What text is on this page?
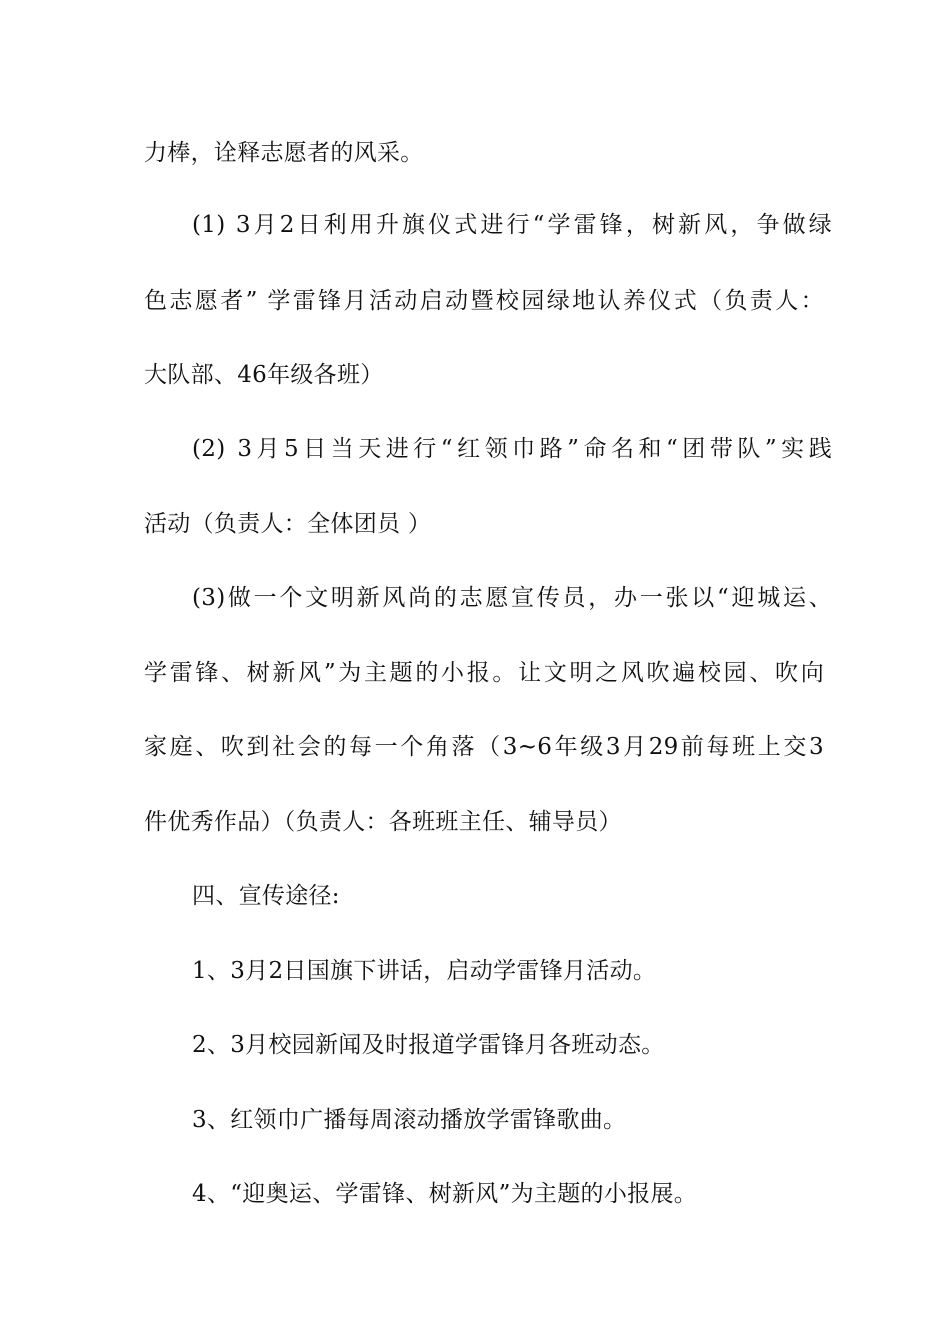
力棒，诠释志愿者的风采。
(1) 3月2日利用升旗仪式进行“学雷锋，树新风，争做绿
色志愿者” 学雷锋月活动启动暨校园绿地认养仪式（负责人：
大队部、46年级各班）
(2) 3月5日当天进行“红领巾路”命名和“团带队”实践
活动（负责人：全体团员 ）
(3)做一个文明新风尚的志愿宣传员，办一张以“迎城运、
学雷锋、树新风”为主题的小报。让文明之风吹遍校园、吹向
家庭、吹到社会的每一个角落（3~6年级3月29前每班上交3
件优秀作品）（负责人：各班班主任、辅导员）
四、宣传途径:
1、3月2日国旗下讲话，启动学雷锋月活动。
2、3月校园新闻及时报道学雷锋月各班动态。
3、红领巾广播每周滚动播放学雷锋歌曲。
4、“迎奥运、学雷锋、树新风”为主题的小报展。
